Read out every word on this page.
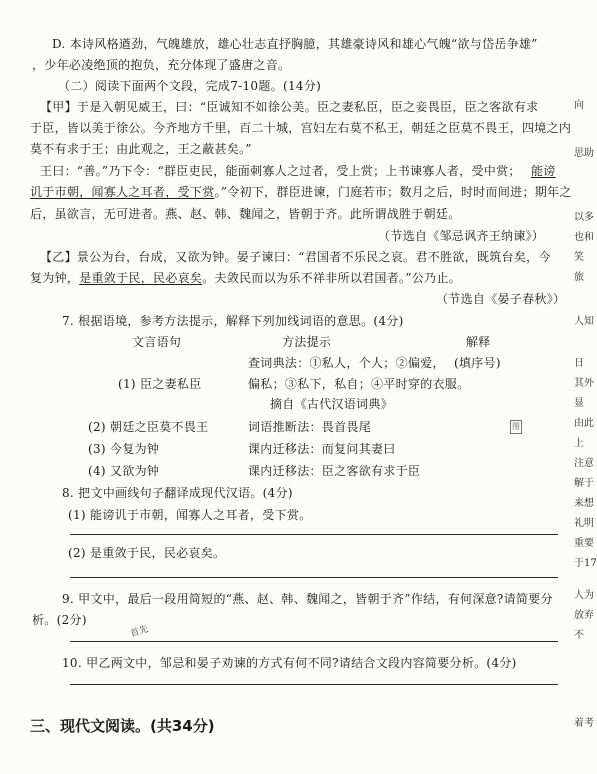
D. 本诗风格遒劲，气魄雄放，雄心壮志直抒胸臆，其雄豪诗风和雄心气魄“欲与岱岳争雄”
，少年必凌绝顶的抱负，充分体现了盛唐之音。
（二）阅读下面两个文段，完成7-10题。(14分)
【甲】于是入朝见威王，曰：“臣诚知不如徐公美。臣之妻私臣，臣之妾畏臣，臣之客欲有求
于臣，皆以美于徐公。今齐地方千里，百二十城，宫妇左右莫不私王，朝廷之臣莫不畏王，四境之内
莫不有求于王；由此观之，王之蔽甚矣。”
王曰：“善。”乃下令：“群臣吏民，能面刺寡人之过者，受上赏；上书谏寡人者，受中赏； 能谤
讥于市朝，闻寡人之耳者，受下赏。”令初下，群臣进谏，门庭若市；数月之后，时时而间进；期年之
后，虽欲言，无可进者。燕、赵、韩、魏闻之，皆朝于齐。此所谓战胜于朝廷。
（节选自《邹忌讽齐王纳谏》）
【乙】景公为台，台成，又欲为钟。晏子谏曰：“君国者不乐民之哀。君不胜欲，既筑台矣，今
复为钟，是重敛于民，民必哀矣。夫敛民而以为乐不祥非所以君国者。”公乃止。
（节选自《晏子春秋》）
7. 根据语境，参考方法提示，解释下列加线词语的意思。(4分)
文言语句	方法提示	解释
查词典法：①私人，个人；②偏爱， (填序号)
(1) 臣之妻私臣	偏私；③私下，私自；④平时穿的衣服。
摘自《古代汉语词典》
(2) 朝廷之臣莫不畏王	词语推断法：畏首畏尾
(3) 今复为钟	课内迁移法：而复问其妻曰
(4) 又欲为钟	课内迁移法：臣之客欲有求于臣
图
8. 把文中画线句子翻译成现代汉语。(4分)
(1) 能谤讥于市朝，闻寡人之耳者，受下赏。
(2) 是重敛于民，民必哀矣。
9. 甲文中，最后一段用简短的“燕、赵、韩、魏闻之，皆朝于齐”作结，有何深意?请简要分
析。(2分)
首先
10. 甲乙两文中，邹忌和晏子劝谏的方式有何不同?请结合文段内容简要分析。(4分)
三、现代文阅读。(共34分)
向
思助
以多
也和
笑
旅
人知
日
其外
显
由此
上
注意
解于
来想
礼明
重要
于17
人为
放弃
不
着考
